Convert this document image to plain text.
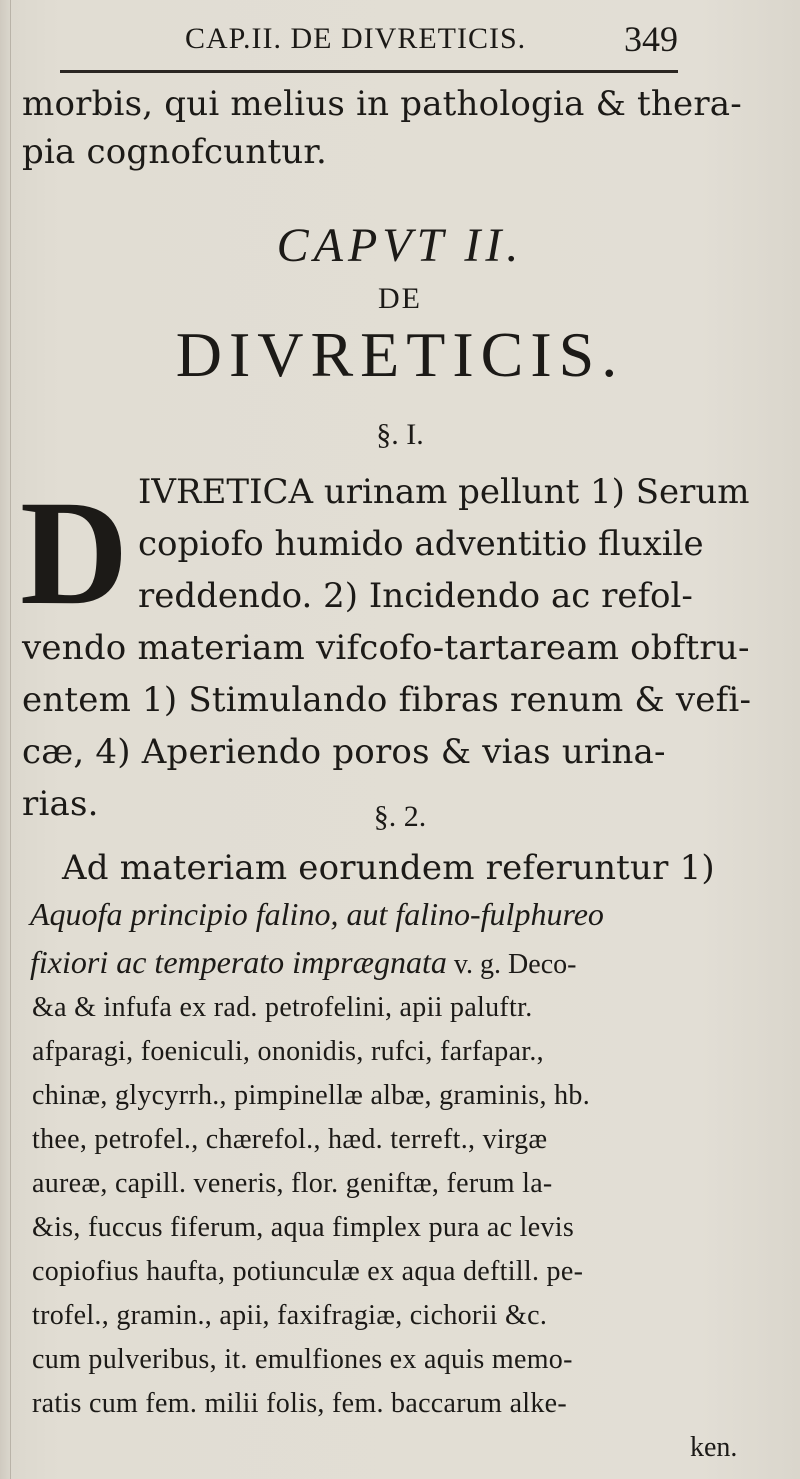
CAP.II. DE DIVRETICIS.	349
morbis, qui melius in pathologia & thera-
pia cognofcuntur.
CAPVT II.
DE
DIVRETICIS.
§. I.
D IVRETICA urinam pellunt 1) Serum
copiofo humido adventitio fluxile
reddendo. 2) Incidendo ac refol-
vendo materiam vifcofo-tartaream obftru-
entem 1) Stimulando fibras renum & vefi-
cæ, 4) Aperiendo poros & vias urina-
rias.	§. 2.
Ad materiam eorundem referuntur 1)
Aquofa principio falino, aut falino-fulphureo
fixiori ac temperato imprægnata v. g. Deco-
&a & infufa ex rad. petrofelini, apii paluftr.
afparagi, foeniculi, ononidis, rufci, farfapar.,
chinæ, glycyrrh., pimpinellæ albæ, graminis, hb.
thee, petrofel., chærefol., hæd. terreft., virgæ
aureæ, capill. veneris, flor. geniftæ, ferum la-
&is, fuccus fiferum, aqua fimplex pura ac levis
copiofius haufta, potiunculæ ex aqua deftill. pe-
trofel., gramin., apii, faxifragiæ, cichorii &c.
cum pulveribus, it. emulfiones ex aquis memo-
ratis cum fem. milii folis, fem. baccarum alke-
ken.
